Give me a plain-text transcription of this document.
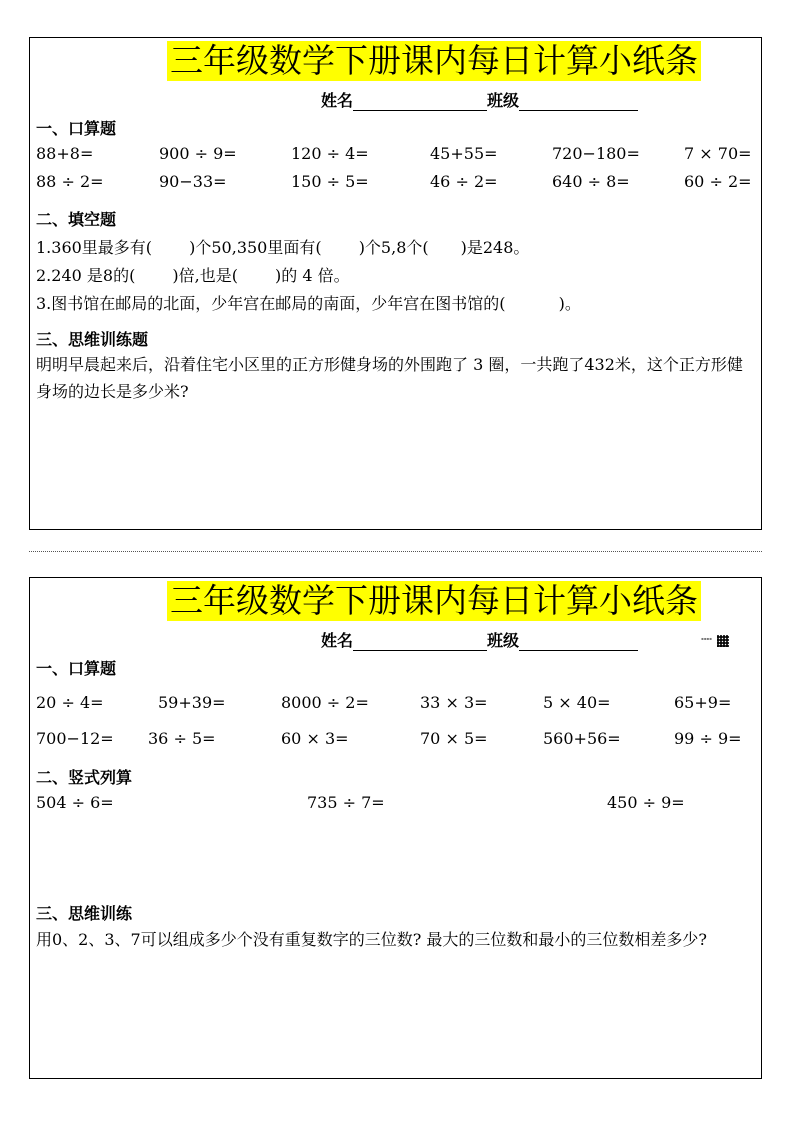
三年级数学下册课内每日计算小纸条
姓名	班级
一、口算题
88+8=	900 ÷ 9=	120 ÷ 4=	45+55=	720−180=	7 × 70=
88 ÷ 2=	90−33=	150 ÷ 5=	46 ÷ 2=	640 ÷ 8=	60 ÷ 2=
二、填空题
1.360里最多有(　　 )个50,350里面有(　　 )个5,8个(　　)是248。
2.240 是8的(　　 )倍,也是(　　 )的 4 倍。
3.图书馆在邮局的北面，少年宫在邮局的南面，少年宫在图书馆的(　　　 )。
三、思维训练题
明明早晨起来后，沿着住宅小区里的正方形健身场的外围跑了 3 圈，一共跑了432米，这个正方形健身场的边长是多少米?
三年级数学下册课内每日计算小纸条
姓名	班级	▪▪▪▪
一、口算题
20 ÷ 4=	59+39=	8000 ÷ 2=	33 × 3=	5 × 40=	65+9=
700−12= 36 ÷ 5=	60 × 3=	70 × 5=	560+56=	99 ÷ 9=
二、竖式列算
504 ÷ 6=	735 ÷ 7=	450 ÷ 9=
三、思维训练
用0、2、3、7可以组成多少个没有重复数字的三位数? 最大的三位数和最小的三位数相差多少?
